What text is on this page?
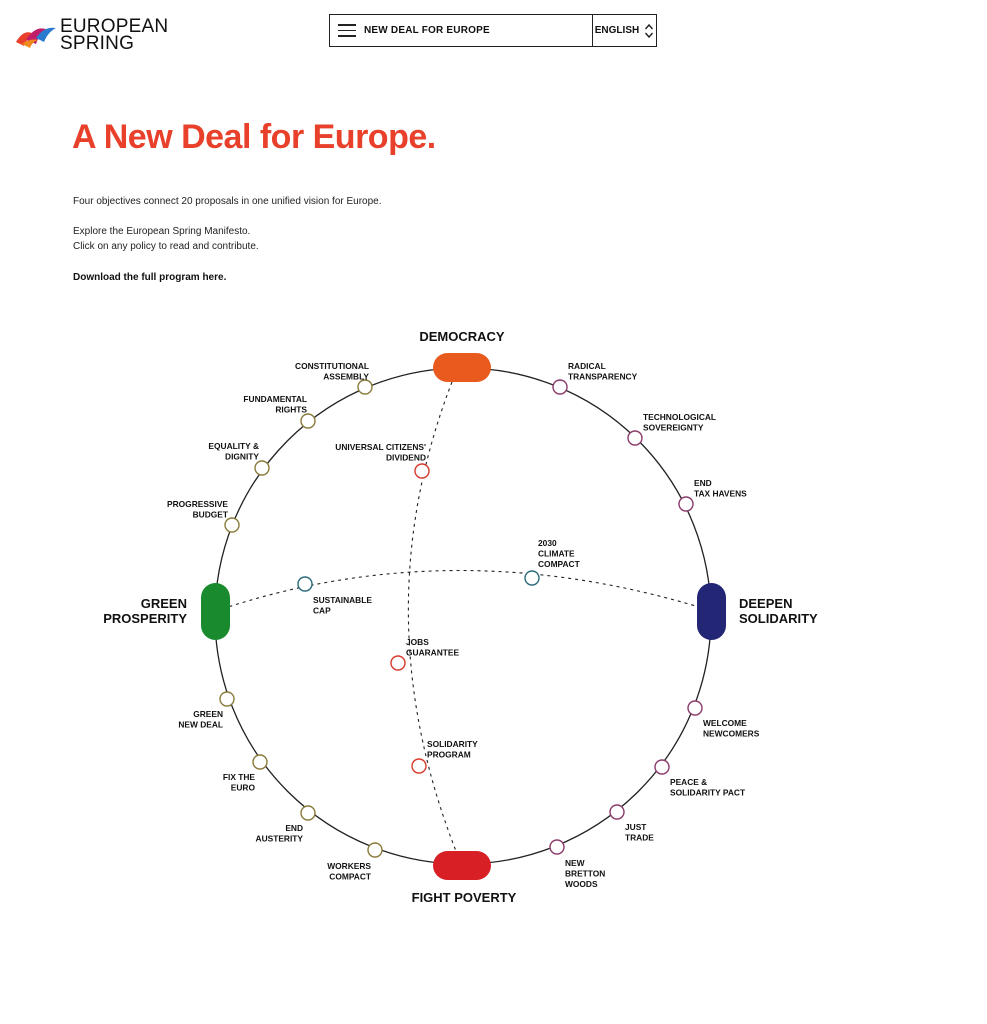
EUROPEAN
SPRING
NEW DEAL FOR EUROPE	ENGLISH
A New Deal for Europe.

Four objectives connect 20 proposals in one unified vision for Europe.

Explore the European Spring Manifesto.

Click on any policy to read and contribute.

Download the full program here.

DEMOCRACY
FIGHT POVERTY
GREEN
PROSPERITY
DEEPEN
SOLIDARITY
CONSTITUTIONAL
ASSEMBLY
FUNDAMENTAL
RIGHTS
EQUALITY &
DIGNITY
PROGRESSIVE
BUDGET
RADICAL
TRANSPARENCY
TECHNOLOGICAL
SOVEREIGNTY
END
TAX HAVENS
UNIVERSAL CITIZENS'
DIVIDEND
2030
CLIMATE
COMPACT
SUSTAINABLE
CAP
JOBS
GUARANTEE
SOLIDARITY
PROGRAM
GREEN
NEW DEAL
FIX THE
EURO
END
AUSTERITY
WORKERS
COMPACT
WELCOME
NEWCOMERS
PEACE &
SOLIDARITY PACT
JUST
TRADE
NEW
BRETTON
WOODS
